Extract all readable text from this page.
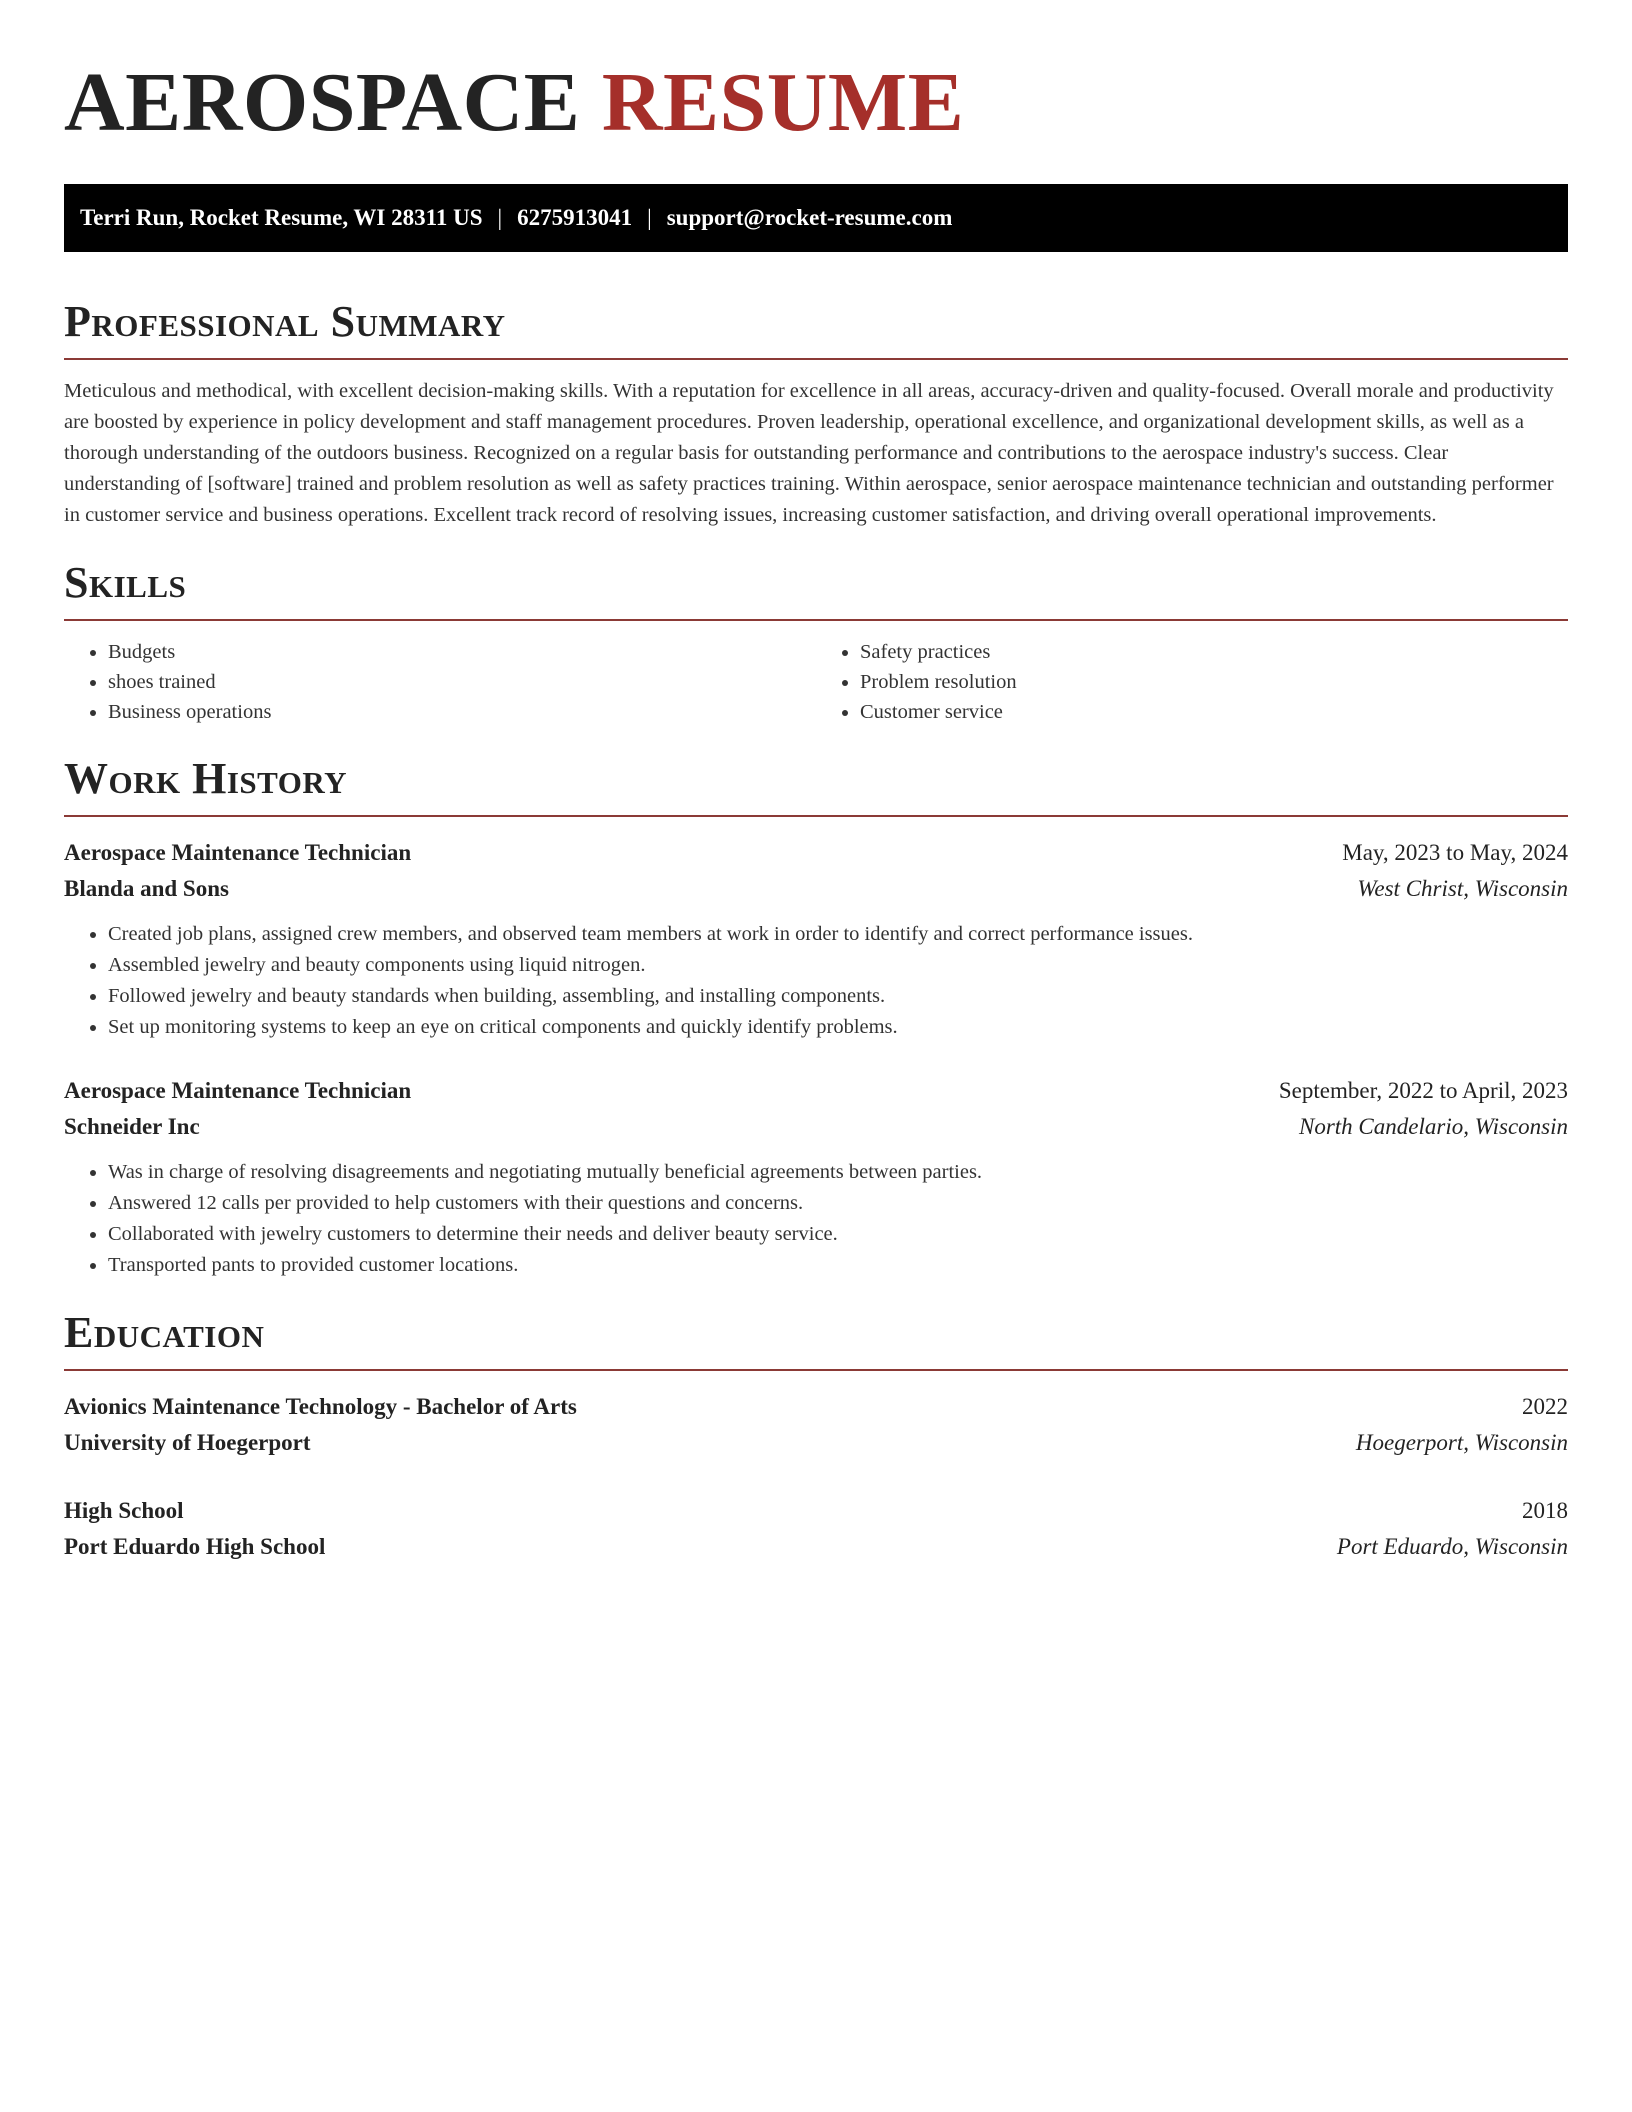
AEROSPACE RESUME
Terri Run, Rocket Resume, WI 28311 US | 6275913041 | support@rocket-resume.com
Professional Summary

Meticulous and methodical, with excellent decision-making skills. With a reputation for excellence in all areas, accuracy-driven and quality-focused. Overall morale and productivity are boosted by experience in policy development and staff management procedures. Proven leadership, operational excellence, and organizational development skills, as well as a thorough understanding of the outdoors business. Recognized on a regular basis for outstanding performance and contributions to the aerospace industry's success. Clear understanding of [software] trained and problem resolution as well as safety practices training. Within aerospace, senior aerospace maintenance technician and outstanding performer in customer service and business operations. Excellent track record of resolving issues, increasing customer satisfaction, and driving overall operational improvements.

Skills
• Budgets
• shoes trained
• Business operations
• Safety practices
• Problem resolution
• Customer service
Work History
Aerospace Maintenance Technician	May, 2023 to May, 2024
Blanda and Sons	West Christ, Wisconsin
• Created job plans, assigned crew members, and observed team members at work in order to identify and correct performance issues.
• Assembled jewelry and beauty components using liquid nitrogen.
• Followed jewelry and beauty standards when building, assembling, and installing components.
• Set up monitoring systems to keep an eye on critical components and quickly identify problems.
Aerospace Maintenance Technician	September, 2022 to April, 2023
Schneider Inc	North Candelario, Wisconsin
• Was in charge of resolving disagreements and negotiating mutually beneficial agreements between parties.
• Answered 12 calls per provided to help customers with their questions and concerns.
• Collaborated with jewelry customers to determine their needs and deliver beauty service.
• Transported pants to provided customer locations.
Education
Avionics Maintenance Technology - Bachelor of Arts	2022
University of Hoegerport	Hoegerport, Wisconsin
High School	2018
Port Eduardo High School	Port Eduardo, Wisconsin
